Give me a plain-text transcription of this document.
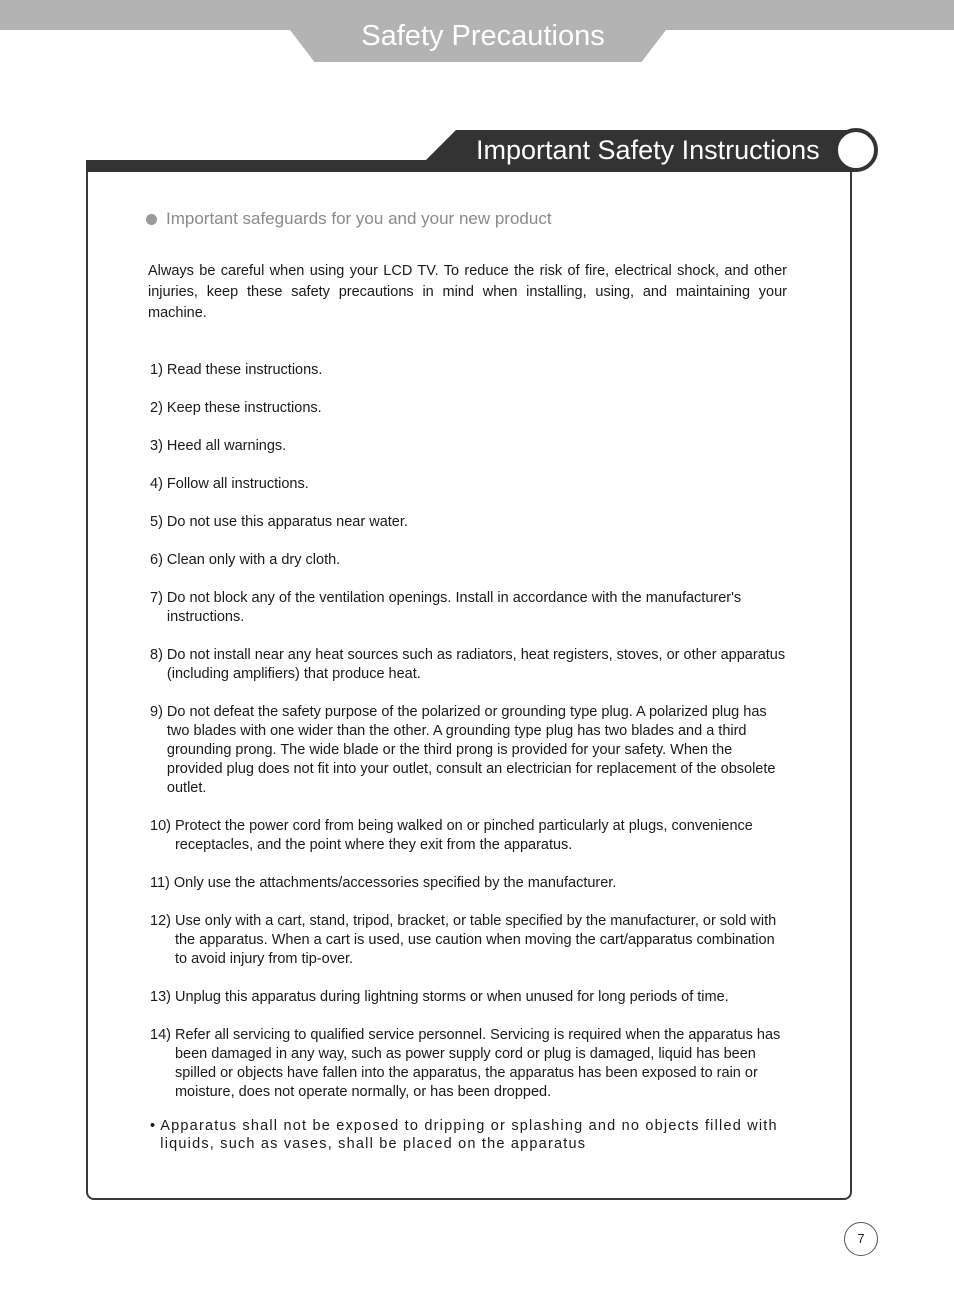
Safety Precautions
Important Safety Instructions
Important safeguards for you and your new product
Always be careful when using your LCD TV. To reduce the risk of fire, electrical shock, and other injuries, keep these safety precautions in mind when installing, using, and maintaining your machine.
1) Read these instructions.
2) Keep these instructions.
3) Heed all warnings.
4) Follow all instructions.
5) Do not use this apparatus near water.
6) Clean only with a dry cloth.
7) Do not block any of the ventilation openings. Install in accordance with the manufacturer's instructions.
8) Do not install near any heat sources such as radiators, heat registers, stoves, or other apparatus (including amplifiers) that produce heat.
9) Do not defeat the safety purpose of the polarized or grounding type plug. A polarized plug has two blades with one wider than the other. A grounding type plug has two blades and a third grounding prong. The wide blade or the third prong is provided for your safety. When the provided plug does not fit into your outlet, consult an electrician for replacement of the obsolete outlet.
10) Protect the power cord from being walked on or pinched particularly at plugs, convenience receptacles, and the point where they exit from the apparatus.
11) Only use the attachments/accessories specified by the manufacturer.
12) Use only with a cart, stand, tripod, bracket, or table specified by the manufacturer, or sold with the apparatus. When a cart is used, use caution when moving the cart/apparatus combination to avoid injury from tip-over.
13) Unplug this apparatus during lightning storms or when unused for long periods of time.
14) Refer all servicing to qualified service personnel. Servicing is required when the apparatus has been damaged in any way, such as power supply cord or plug is damaged, liquid has been spilled or objects have fallen into the apparatus, the apparatus has been exposed to rain or moisture, does not operate normally, or has been dropped.
• Apparatus shall not be exposed to dripping or splashing and no objects filled with liquids, such as vases, shall be placed on the apparatus
7
